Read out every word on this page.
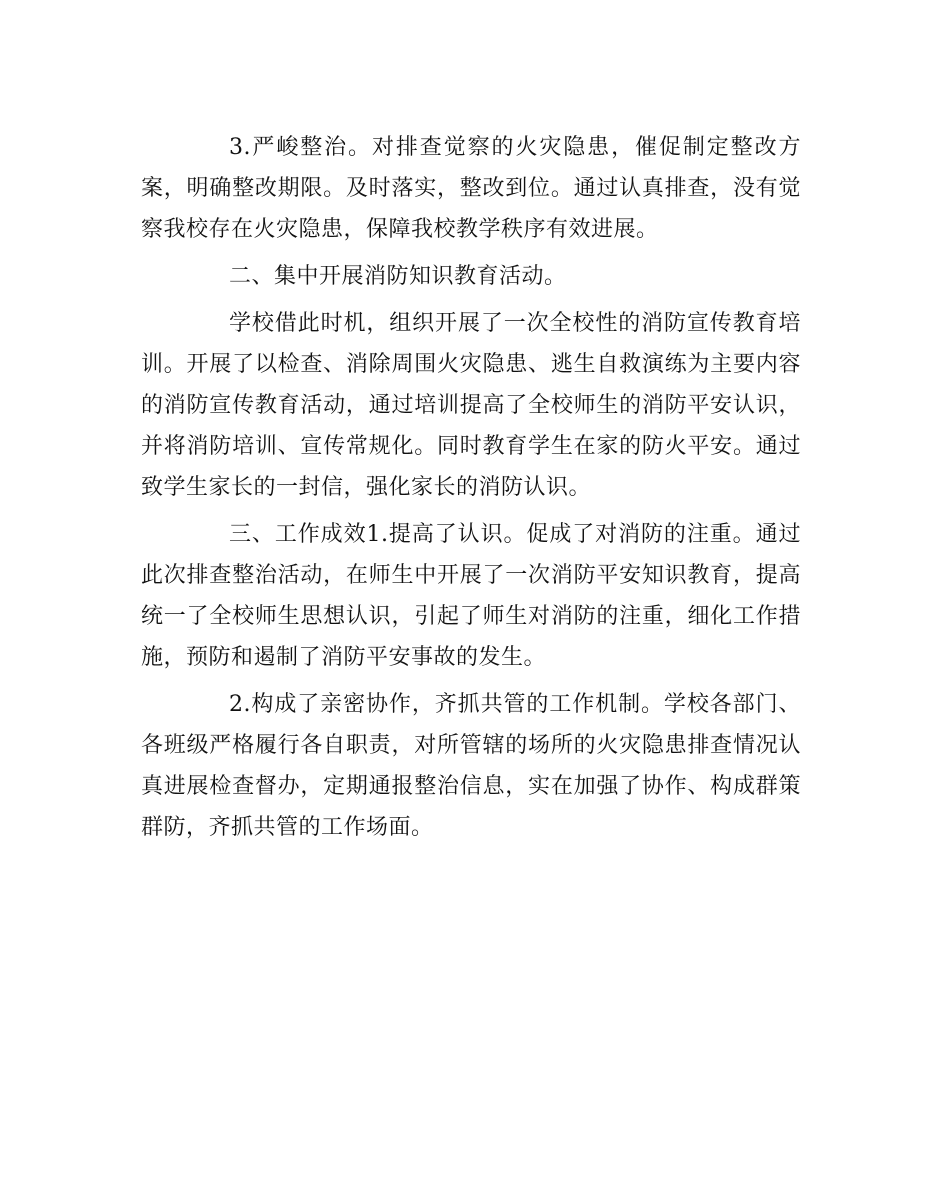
3.严峻整治。对排查觉察的火灾隐患，催促制定整改方案，明确整改期限。及时落实，整改到位。通过认真排查，没有觉察我校存在火灾隐患，保障我校教学秩序有效进展。

二、集中开展消防知识教育活动。

学校借此时机，组织开展了一次全校性的消防宣传教育培训。开展了以检查、消除周围火灾隐患、逃生自救演练为主要内容的消防宣传教育活动，通过培训提高了全校师生的消防平安认识，并将消防培训、宣传常规化。同时教育学生在家的防火平安。通过致学生家长的一封信，强化家长的消防认识。

三、工作成效1.提高了认识。促成了对消防的注重。通过此次排查整治活动，在师生中开展了一次消防平安知识教育，提高统一了全校师生思想认识，引起了师生对消防的注重，细化工作措施，预防和遏制了消防平安事故的发生。

2.构成了亲密协作，齐抓共管的工作机制。学校各部门、各班级严格履行各自职责，对所管辖的场所的火灾隐患排查情况认真进展检查督办，定期通报整治信息，实在加强了协作、构成群策群防，齐抓共管的工作场面。
